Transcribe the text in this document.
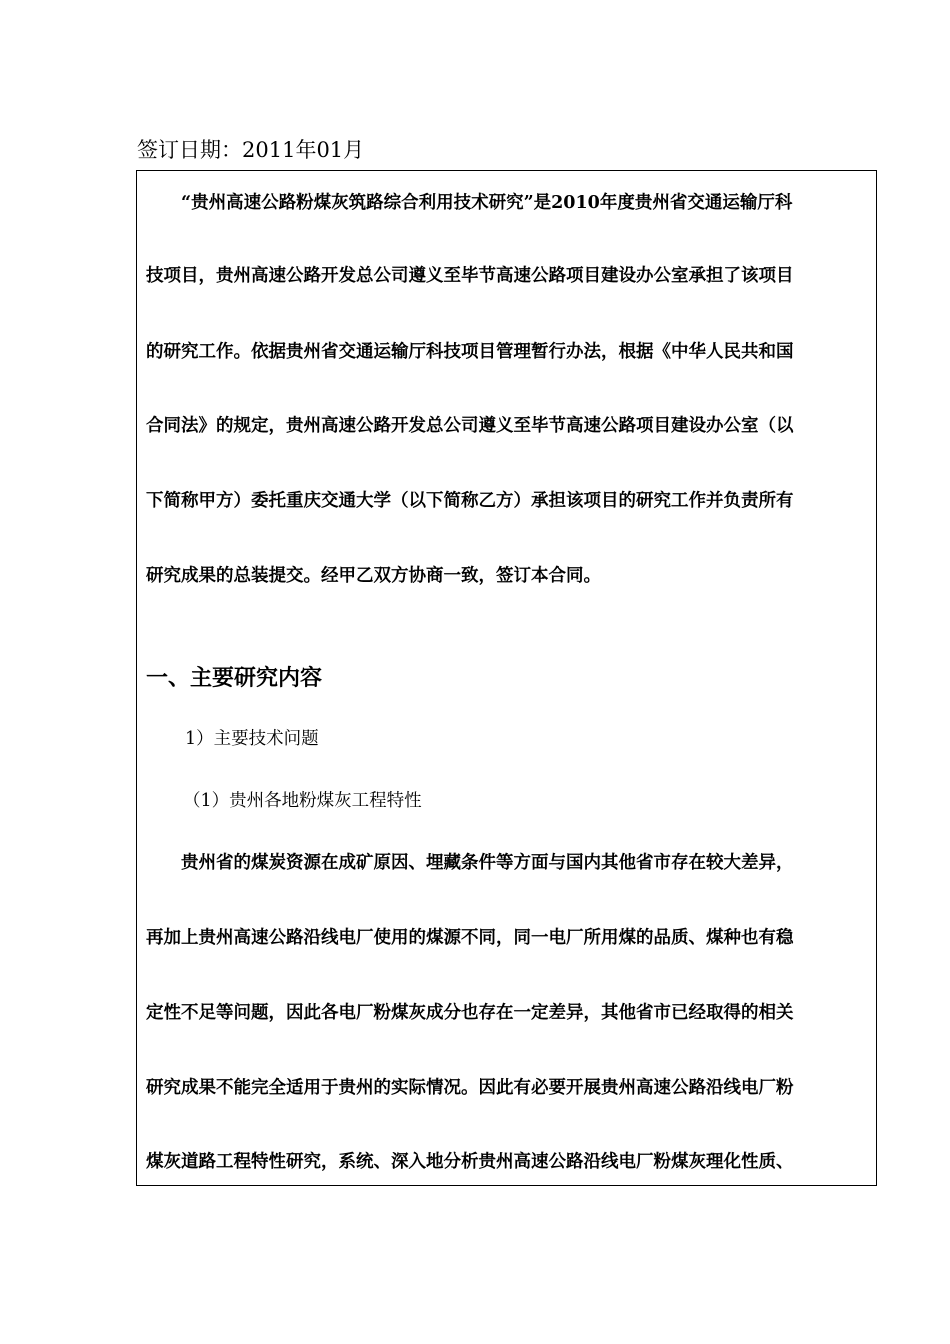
签订日期：2011年01月
“贵州高速公路粉煤灰筑路综合利用技术研究”是2010年度贵州省交通运输厅科
技项目，贵州高速公路开发总公司遵义至毕节高速公路项目建设办公室承担了该项目
的研究工作。依据贵州省交通运输厅科技项目管理暂行办法，根据《中华人民共和国
合同法》的规定，贵州高速公路开发总公司遵义至毕节高速公路项目建设办公室（以
下简称甲方）委托重庆交通大学（以下简称乙方）承担该项目的研究工作并负责所有
研究成果的总装提交。经甲乙双方协商一致，签订本合同。
一、主要研究内容
1）主要技术问题
（1）贵州各地粉煤灰工程特性
贵州省的煤炭资源在成矿原因、埋藏条件等方面与国内其他省市存在较大差异，
再加上贵州高速公路沿线电厂使用的煤源不同，同一电厂所用煤的品质、煤种也有稳
定性不足等问题，因此各电厂粉煤灰成分也存在一定差异，其他省市已经取得的相关
研究成果不能完全适用于贵州的实际情况。因此有必要开展贵州高速公路沿线电厂粉
煤灰道路工程特性研究，系统、深入地分析贵州高速公路沿线电厂粉煤灰理化性质、
